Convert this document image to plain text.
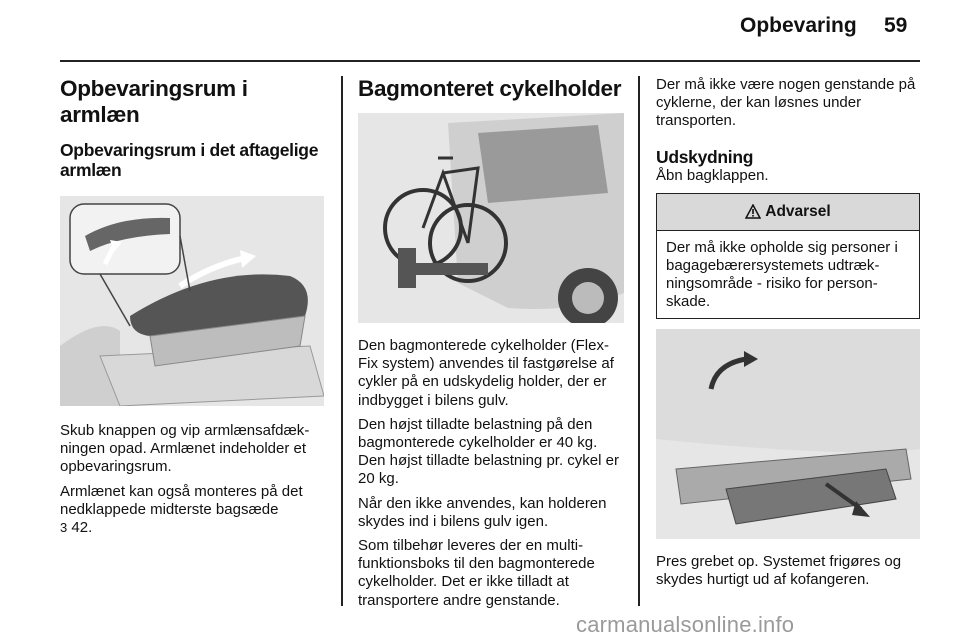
Opbevaring 59
Opbevaringsrum i armlæn
Opbevaringsrum i det aftagelige armlæn

Skub knappen og vip armlænsafdækningen opad. Armlænet indeholder et opbevaringsrum.

Armlænet kan også monteres på det nedklappede midterste bagsæde
3 42.

Bagmonteret cykelholder

Den bagmonterede cykelholder (Flex-Fix system) anvendes til fastgørelse af cykler på en udskydelig holder, der er indbygget i bilens gulv.

Den højst tilladte belastning på den bagmonterede cykelholder er 40 kg. Den højst tilladte belastning pr. cykel er 20 kg.

Når den ikke anvendes, kan holderen skydes ind i bilens gulv igen.

Som tilbehør leveres der en multifunktionsboks til den bagmonterede cykelholder. Det er ikke tilladt at transportere andre genstande.

Der må ikke være nogen genstande på cyklerne, der kan løsnes under transporten.

Udskydning

Åbn bagklappen.

Advarsel
Der må ikke opholde sig personer i bagagebærersystemets udtrækningsområde - risiko for personskade.

Pres grebet op. Systemet frigøres og skydes hurtigt ud af kofangeren.

carmanualsonline.info
